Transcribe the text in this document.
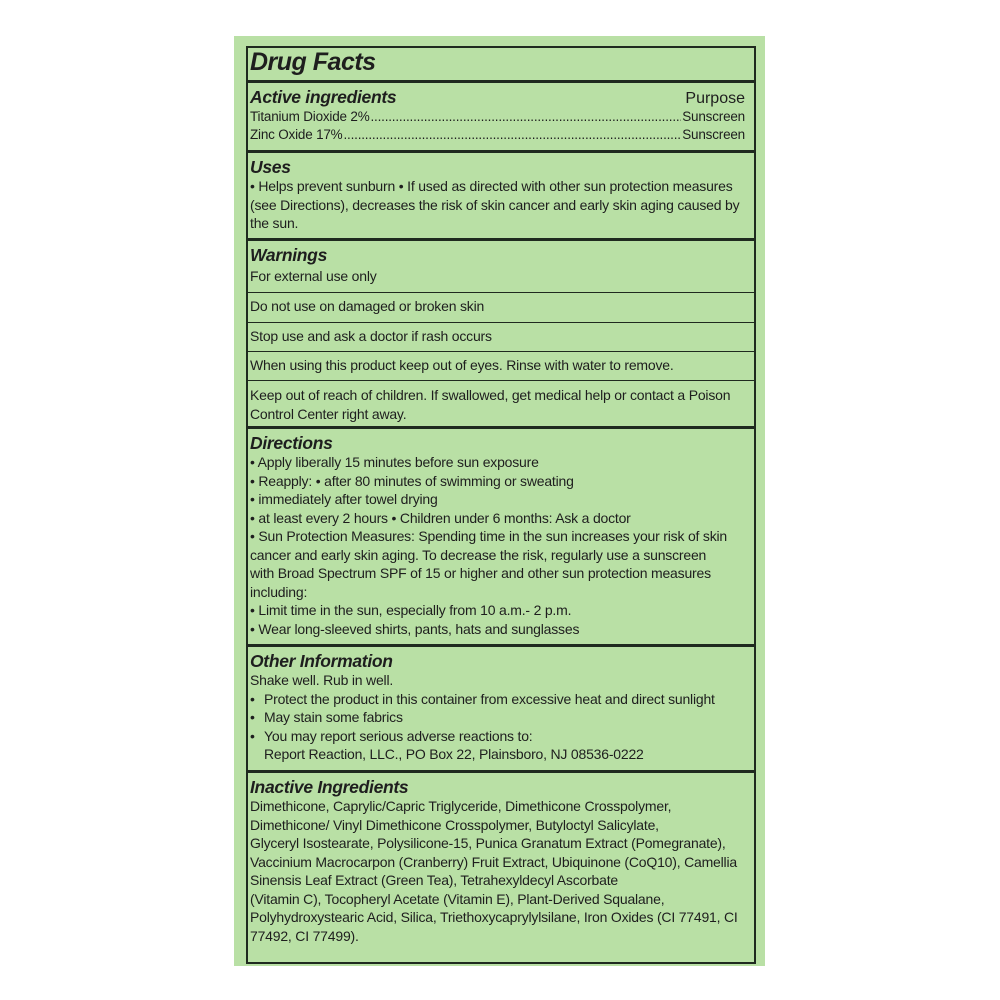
Drug Facts
Active ingredients	Purpose
Titanium Dioxide 2% .....	Sunscreen
Zinc Oxide 17% .....	Sunscreen
Uses
• Helps prevent sunburn • If used as directed with other sun protection measures
(see Directions), decreases the risk of skin cancer and early skin aging caused by
the sun.
Warnings
For external use only
Do not use on damaged or broken skin
Stop use and ask a doctor if rash occurs
When using this product keep out of eyes. Rinse with water to remove.
Keep out of reach of children. If swallowed, get medical help or contact a Poison
Control Center right away.
Directions
• Apply liberally 15 minutes before sun exposure
• Reapply: • after 80 minutes of swimming or sweating
• immediately after towel drying
• at least every 2 hours • Children under 6 months: Ask a doctor
• Sun Protection Measures: Spending time in the sun increases your risk of skin
cancer and early skin aging. To decrease the risk, regularly use a sunscreen
with Broad Spectrum SPF of 15 or higher and other sun protection measures
including:
• Limit time in the sun, especially from 10 a.m.- 2 p.m.
• Wear long-sleeved shirts, pants, hats and sunglasses
Other Information
Shake well. Rub in well.
• Protect the product in this container from excessive heat and direct sunlight
• May stain some fabrics
• You may report serious adverse reactions to:
Report Reaction, LLC., PO Box 22, Plainsboro, NJ 08536-0222
Inactive Ingredients
Dimethicone, Caprylic/Capric Triglyceride, Dimethicone Crosspolymer,
Dimethicone/ Vinyl Dimethicone Crosspolymer, Butyloctyl Salicylate,
Glyceryl Isostearate, Polysilicone-15, Punica Granatum Extract (Pomegranate),
Vaccinium Macrocarpon (Cranberry) Fruit Extract, Ubiquinone (CoQ10), Camellia
Sinensis Leaf Extract (Green Tea), Tetrahexyldecyl Ascorbate
(Vitamin C), Tocopheryl Acetate (Vitamin E), Plant-Derived Squalane,
Polyhydroxystearic Acid, Silica, Triethoxycaprylylsilane, Iron Oxides (CI 77491, CI
77492, CI 77499).
